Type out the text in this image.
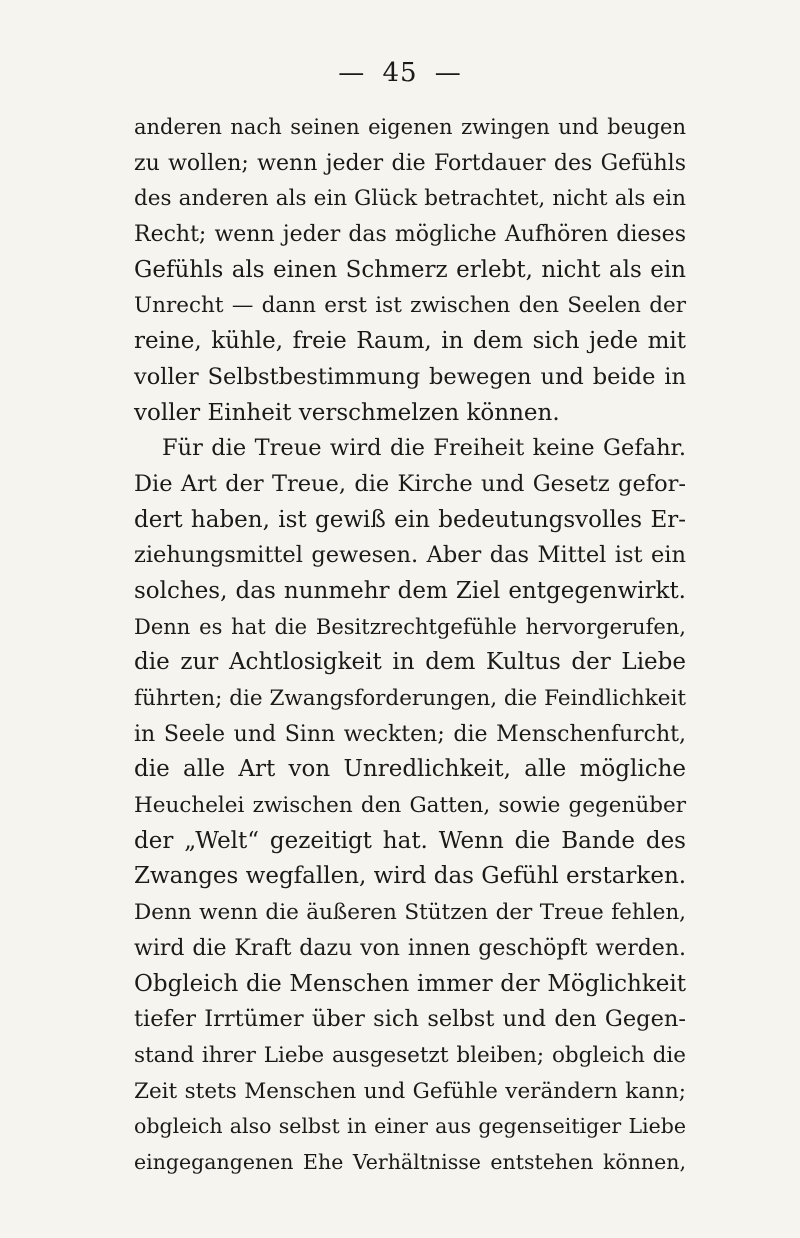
— 45 —
anderen nach seinen eigenen zwingen und beugen
zu wollen; wenn jeder die Fortdauer des Gefühls
des anderen als ein Glück betrachtet, nicht als ein
Recht; wenn jeder das mögliche Aufhören dieses
Gefühls als einen Schmerz erlebt, nicht als ein
Unrecht — dann erst ist zwischen den Seelen der
reine, kühle, freie Raum, in dem sich jede mit
voller Selbstbestimmung bewegen und beide in
voller Einheit verschmelzen können.
Für die Treue wird die Freiheit keine Gefahr.
Die Art der Treue, die Kirche und Gesetz gefor-
dert haben, ist gewiß ein bedeutungsvolles Er-
ziehungsmittel gewesen. Aber das Mittel ist ein
solches, das nunmehr dem Ziel entgegenwirkt.
Denn es hat die Besitzrechtgefühle hervorgerufen,
die zur Achtlosigkeit in dem Kultus der Liebe
führten; die Zwangsforderungen, die Feindlichkeit
in Seele und Sinn weckten; die Menschenfurcht,
die alle Art von Unredlichkeit, alle mögliche
Heuchelei zwischen den Gatten, sowie gegenüber
der „Welt“ gezeitigt hat. Wenn die Bande des
Zwanges wegfallen, wird das Gefühl erstarken.
Denn wenn die äußeren Stützen der Treue fehlen,
wird die Kraft dazu von innen geschöpft werden.
Obgleich die Menschen immer der Möglichkeit
tiefer Irrtümer über sich selbst und den Gegen-
stand ihrer Liebe ausgesetzt bleiben; obgleich die
Zeit stets Menschen und Gefühle verändern kann;
obgleich also selbst in einer aus gegenseitiger Liebe
eingegangenen Ehe Verhältnisse entstehen können,
